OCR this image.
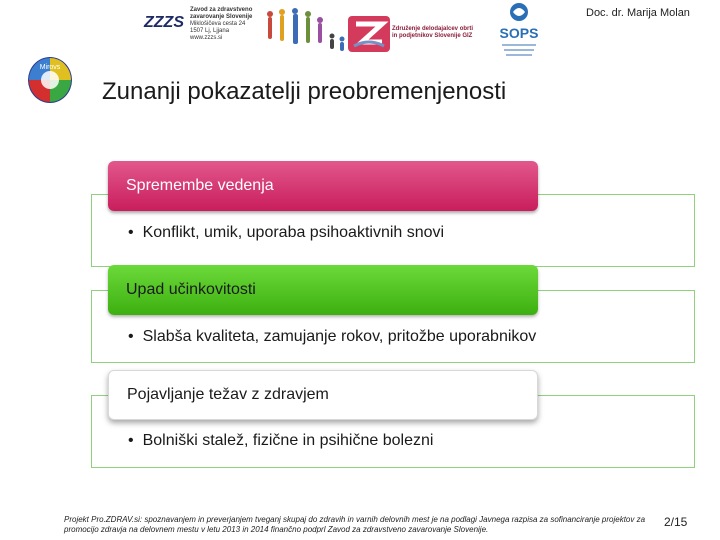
ZZZS
Zavod za zdravstveno
zavarovanje Slovenije
Miklošičeva cesta 24
1507 Lj, Ljjana
www.zzzs.si
Združenje delodajalcev obrti
in podjetnikov Slovenije GIZ	SOPS
Doc. dr. Marija Molan
Mirovs
Zunanji pokazatelji preobremenjenosti
Spremembe vedenja
• Konflikt, umik, uporaba psihoaktivnih snovi
Upad učinkovitosti
• Slabša kvaliteta, zamujanje rokov, pritožbe uporabnikov
Pojavljanje težav z zdravjem
• Bolniški stalež, fizične in psihične bolezni
Projekt Pro.ZDRAV.si: spoznavanjem in preverjanjem tveganj skupaj do zdravih in varnih delovnih mest je na podlagi Javnega razpisa za sofinanciranje projektov za promocijo zdravja na delovnem mestu v letu 2013 in 2014 finančno podprl Zavod za zdravstveno zavarovanje Slovenije.
2/15
